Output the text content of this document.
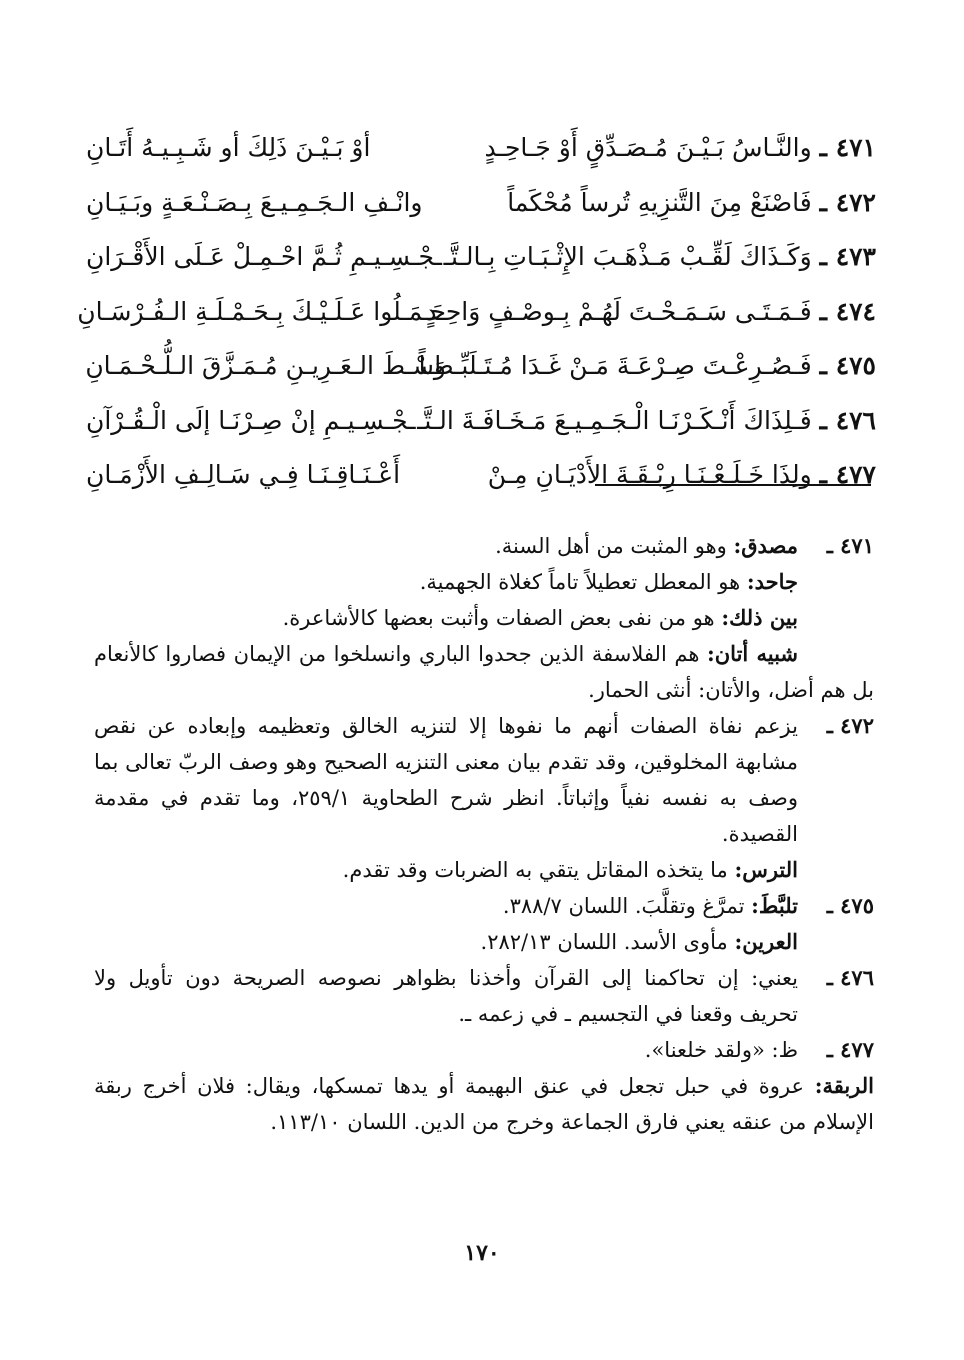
٤٧١ ـ
والنَّـاسُ بَـيْـنَ مُـصَـدِّقٍ أَوْ جَـاحِـدٍ
أوْ بَـيْـنَ ذَلِكَ أو شَـبِـيـهُ أَتَـانِ
٤٧٢ ـ
فَاصْنَعْ مِنَ التَّنزِيهِ تُرساً مُحْكَماً
وانْـفِ الـجَـمِـيـعَ بِـصَـنْـعَـةٍ وبَـيَـانِ
٤٧٣ ـ
وَكَـذَاكَ لَقِّـبْ مَـذْهَـبَ الإِثْـبَـاتِ بِـالـتَّـ
ـجْـسِـيـمِ ثُـمَّ احْـمِـلْ عَـلَى الأَقْـرَانِ
٤٧٤ ـ
فَـمَـتَـى سَـمَـحْـتَ لَهُـمْ بِـوصْـفٍ وَاحِـدٍ
حَـمَـلُوا عَـلَـيْـكَ بِـحَـمْـلَـةِ الـفُـرْسَـانِ
٤٧٥ ـ
فَـصُـرِعْـتَ صِـرْعَـةَ مَـنْ غَـدَا مُـتَـلَبِّـطـاً
وَسْـطَ الـعَـرِيـنِ مُـمَـزَّقَ الـلُّـحْـمَـانِ
٤٧٦ ـ
فَـلِذَاكَ أَنْـكَـرْنَـا الْـجَـمِـيـعَ مَـخَـافَـةَ الـتَّـ
ـجْـسِـيـمِ إنْ صِـرْنَـا إلَى الْـقُـرْآنِ
٤٧٧ ـ
ولِذَا خَـلَـعْـنَـا رِبْـقَـةَ الأَدْيَـانِ مِـنْ
أَعْـنَـاقِـنَـا فِـي سَـالِـفِ الأَزْمَـانِ
٤٧١ ـ
مصدق: وهو المثبت من أهل السنة.
جاحد: هو المعطل تعطيلاً تاماً كغلاة الجهمية.
بين ذلك: هو من نفى بعض الصفات وأثبت بعضها كالأشاعرة.
شبيه أتان: هم الفلاسفة الذين جحدوا الباري وانسلخوا من الإيمان فصاروا كالأنعام بل هم أضل، والأتان: أنثى الحمار.
٤٧٢ ـ
يزعم نفاة الصفات أنهم ما نفوها إلا لتنزيه الخالق وتعظيمه وإبعاده عن نقص مشابهة المخلوقين، وقد تقدم بيان معنى التنزيه الصحيح وهو وصف الربّ تعالى بما وصف به نفسه نفياً وإثباتاً. انظر شرح الطحاوية ٢٥٩/١، وما تقدم في مقدمة القصيدة.
الترس: ما يتخذه المقاتل يتقي به الضربات وقد تقدم.
٤٧٥ ـ
تلبَّطَ: تمرَّغ وتقلَّبَ. اللسان ٣٨٨/٧.
العرين: مأوى الأسد. اللسان ٢٨٢/١٣.
٤٧٦ ـ
يعني: إن تحاكمنا إلى القرآن وأخذنا بظواهر نصوصه الصريحة دون تأويل ولا تحريف وقعنا في التجسيم ـ في زعمه ـ.
٤٧٧ ـ
ظ: «ولقد خلعنا».
الربقة: عروة في حبل تجعل في عنق البهيمة أو يدها تمسكها، ويقال: فلان أخرج ربقة الإسلام من عنقه يعني فارق الجماعة وخرج من الدين. اللسان ١١٣/١٠.
١٧٠
